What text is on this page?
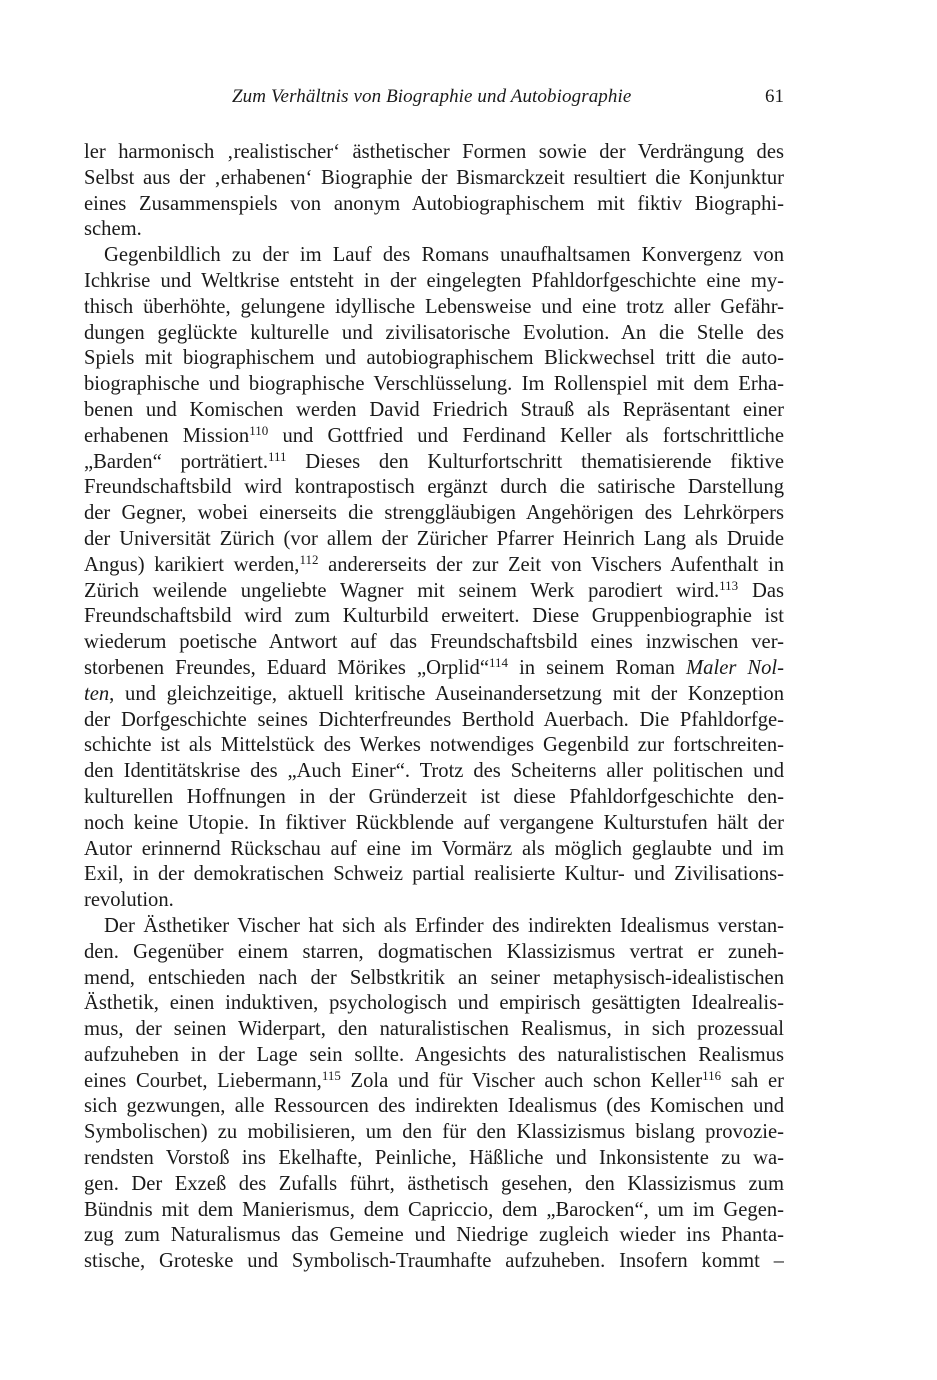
Zum Verhältnis von Biographie und Autobiographie	61
ler harmonisch ‚realistischer‘ ästhetischer Formen sowie der Verdrängung des
Selbst aus der ‚erhabenen‘ Biographie der Bismarckzeit resultiert die Konjunktur
eines Zusammenspiels von anonym Autobiographischem mit fiktiv Biographi-
schem.
Gegenbildlich zu der im Lauf des Romans unaufhaltsamen Konvergenz von
Ichkrise und Weltkrise entsteht in der eingelegten Pfahldorfgeschichte eine my-
thisch überhöhte, gelungene idyllische Lebensweise und eine trotz aller Gefähr-
dungen geglückte kulturelle und zivilisatorische Evolution. An die Stelle des
Spiels mit biographischem und autobiographischem Blickwechsel tritt die auto-
biographische und biographische Verschlüsselung. Im Rollenspiel mit dem Erha-
benen und Komischen werden David Friedrich Strauß als Repräsentant einer
erhabenen Mission$^{110}$ und Gottfried und Ferdinand Keller als fortschrittliche
„Barden“ porträtiert.$^{111}$ Dieses den Kulturfortschritt thematisierende fiktive
Freundschaftsbild wird kontrapostisch ergänzt durch die satirische Darstellung
der Gegner, wobei einerseits die strenggläubigen Angehörigen des Lehrkörpers
der Universität Zürich (vor allem der Züricher Pfarrer Heinrich Lang als Druide
Angus) karikiert werden,$^{112}$ andererseits der zur Zeit von Vischers Aufenthalt in
Zürich weilende ungeliebte Wagner mit seinem Werk parodiert wird.$^{113}$ Das
Freundschaftsbild wird zum Kulturbild erweitert. Diese Gruppenbiographie ist
wiederum poetische Antwort auf das Freundschaftsbild eines inzwischen ver-
storbenen Freundes, Eduard Mörikes „Orplid“$^{114}$ in seinem Roman Maler Nol-
ten, und gleichzeitige, aktuell kritische Auseinandersetzung mit der Konzeption
der Dorfgeschichte seines Dichterfreundes Berthold Auerbach. Die Pfahldorfge-
schichte ist als Mittelstück des Werkes notwendiges Gegenbild zur fortschreiten-
den Identitätskrise des „Auch Einer“. Trotz des Scheiterns aller politischen und
kulturellen Hoffnungen in der Gründerzeit ist diese Pfahldorfgeschichte den-
noch keine Utopie. In fiktiver Rückblende auf vergangene Kulturstufen hält der
Autor erinnernd Rückschau auf eine im Vormärz als möglich geglaubte und im
Exil, in der demokratischen Schweiz partial realisierte Kultur- und Zivilisations-
revolution.
Der Ästhetiker Vischer hat sich als Erfinder des indirekten Idealismus verstan-
den. Gegenüber einem starren, dogmatischen Klassizismus vertrat er zuneh-
mend, entschieden nach der Selbstkritik an seiner metaphysisch-idealistischen
Ästhetik, einen induktiven, psychologisch und empirisch gesättigten Idealrealis-
mus, der seinen Widerpart, den naturalistischen Realismus, in sich prozessual
aufzuheben in der Lage sein sollte. Angesichts des naturalistischen Realismus
eines Courbet, Liebermann,$^{115}$ Zola und für Vischer auch schon Keller$^{116}$ sah er
sich gezwungen, alle Ressourcen des indirekten Idealismus (des Komischen und
Symbolischen) zu mobilisieren, um den für den Klassizismus bislang provozie-
rendsten Vorstoß ins Ekelhafte, Peinliche, Häßliche und Inkonsistente zu wa-
gen. Der Exzeß des Zufalls führt, ästhetisch gesehen, den Klassizismus zum
Bündnis mit dem Manierismus, dem Capriccio, dem „Barocken“, um im Gegen-
zug zum Naturalismus das Gemeine und Niedrige zugleich wieder ins Phanta-
stische, Groteske und Symbolisch-Traumhafte aufzuheben. Insofern kommt –
